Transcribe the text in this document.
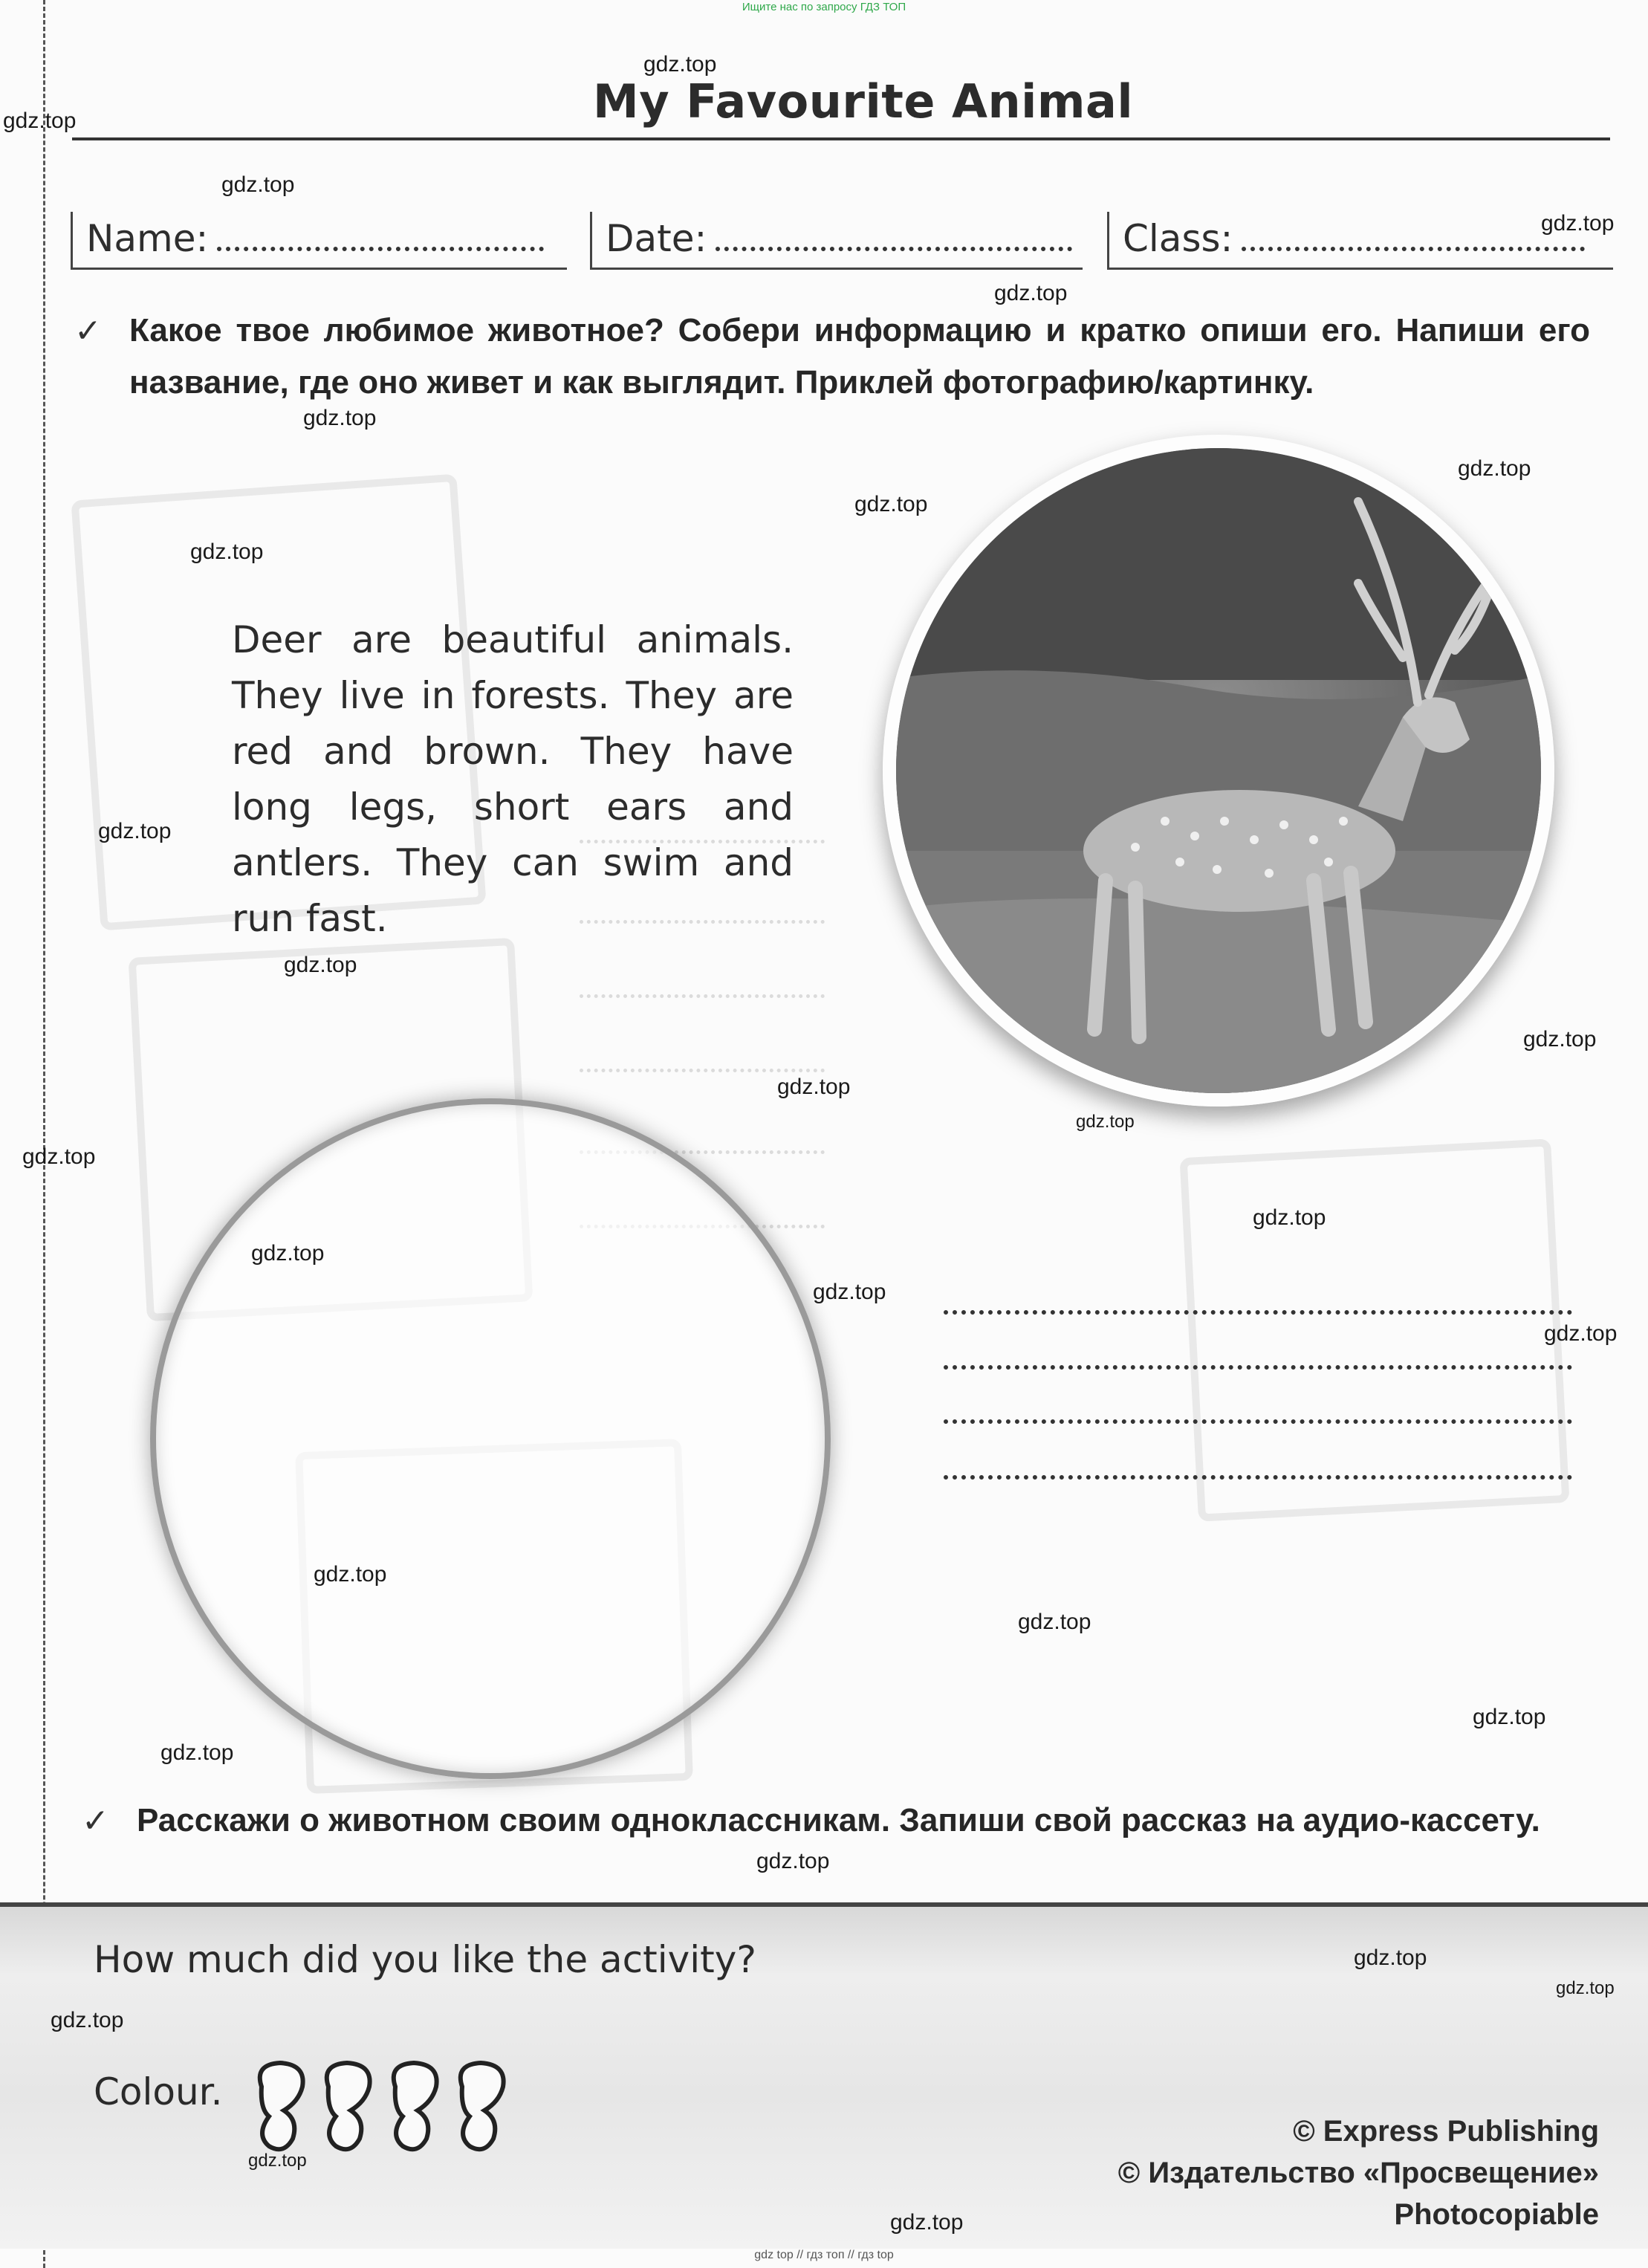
Ищите нас по запросу ГДЗ ТОП
My Favourite Animal
Name:	Date:	Class:
✓ Какое твое любимое животное? Собери информацию и кратко опиши его. Напиши его название, где оно живет и как выглядит. Приклей фотографию/картинку.
Deer are beautiful animals. They live in forests. They are red and brown. They have long legs, short ears and antlers. They can swim and run fast.
✓ Расскажи о животном своим одноклассникам. Запиши свой рассказ на аудио-кассету.
How much did you like the activity?
Colour.
© Express Publishing
© Издательство «Просвещение»
Photocopiable
gdz.top
gdz.top
gdz.top
gdz.top
gdz.top
gdz.top
gdz.top
gdz.top
gdz.top
gdz.top
gdz.top
gdz.top
gdz.top
gdz.top
gdz.top
gdz.top
gdz.top
gdz.top
gdz.top
gdz.top
gdz.top
gdz.top
gdz.top
gdz.top
gdz.top
gdz.top
gdz.top
gdz.top
gdz.top
gdz top // гдз топ // гдз top
